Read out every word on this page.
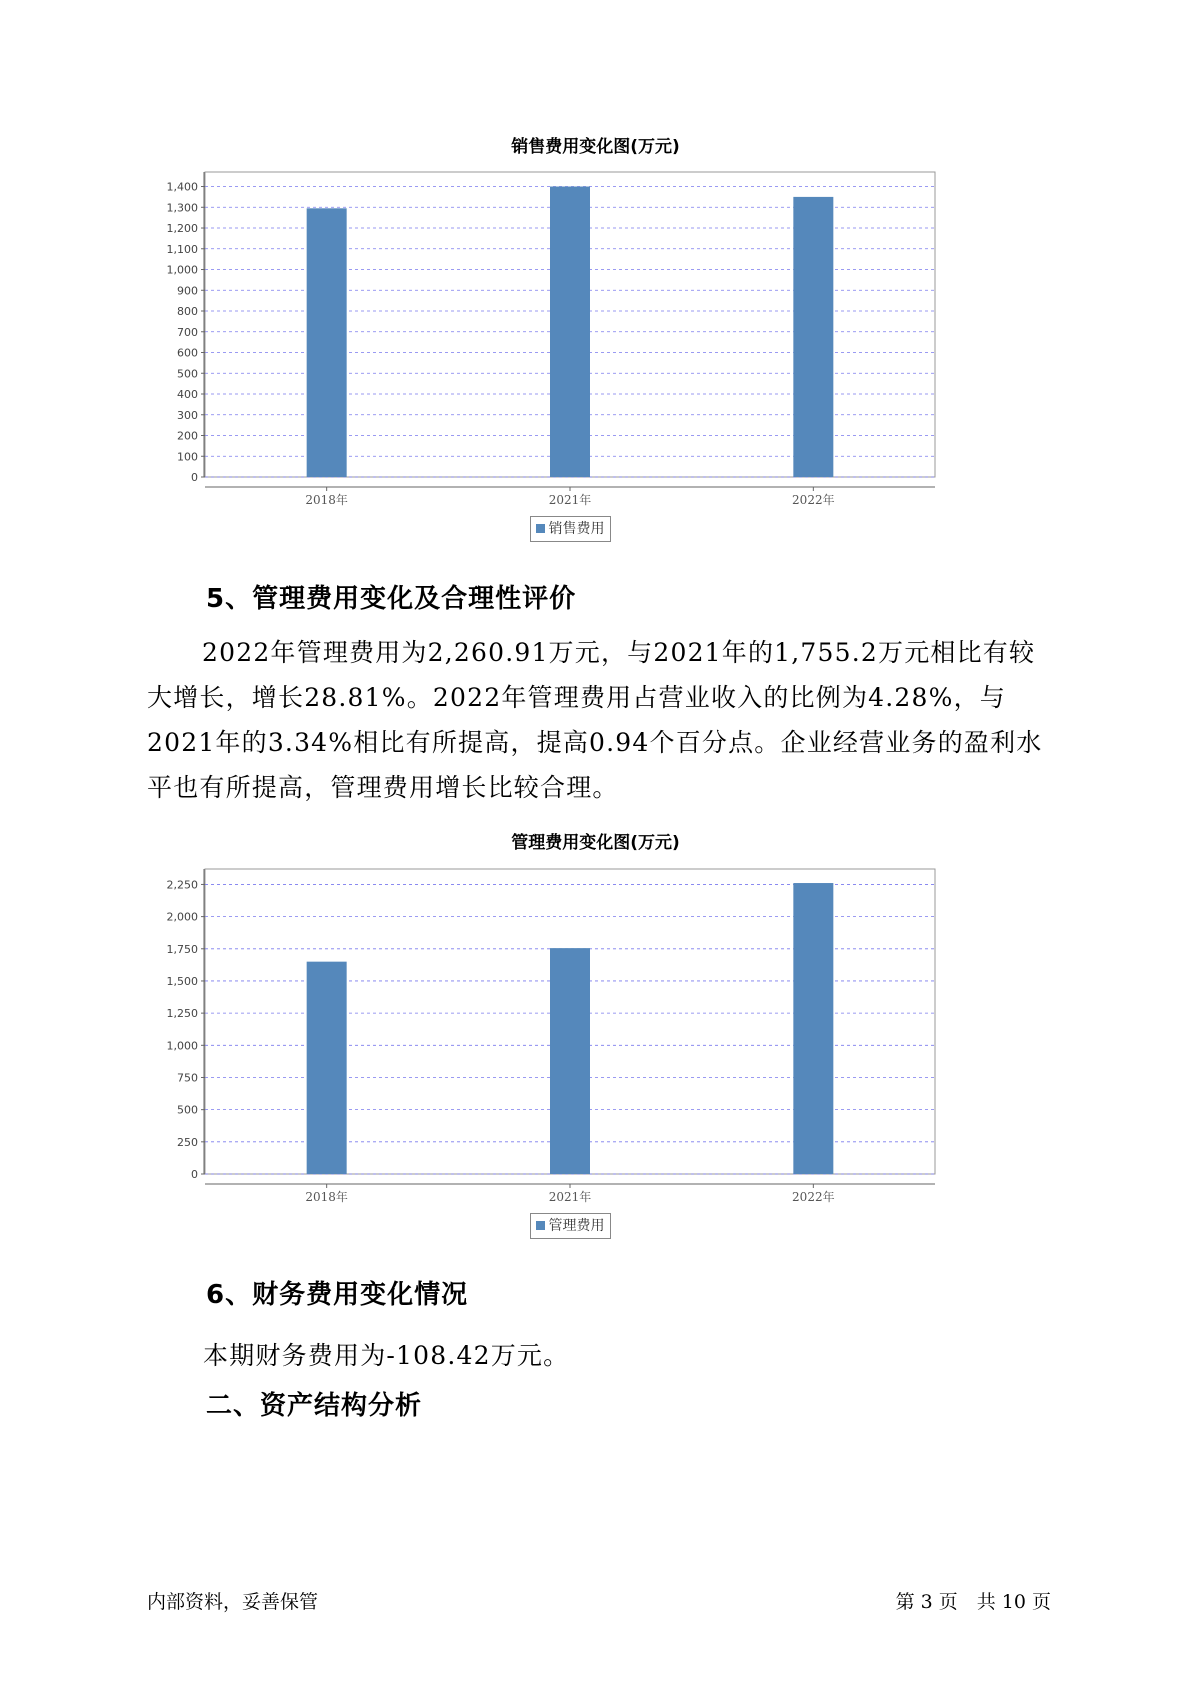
销售费用变化图(万元)
0
100
200
300
400
500
600
700
800
900
1,000
1,100
1,200
1,300
1,400
2018年	2021年	2022年
销售费用
5、管理费用变化及合理性评价
2022年管理费用为2,260.91万元，与2021年的1,755.2万元相比有较大增长，增长28.81%。2022年管理费用占营业收入的比例为4.28%，与2021年的3.34%相比有所提高，提高0.94个百分点。企业经营业务的盈利水平也有所提高，管理费用增长比较合理。
管理费用变化图(万元)
0
250
500
750
1,000
1,250
1,500
1,750
2,000
2,250
2018年	2021年	2022年
管理费用
6、财务费用变化情况
本期财务费用为-108.42万元。
二、资产结构分析
内部资料，妥善保管	第 3 页　共 10 页
